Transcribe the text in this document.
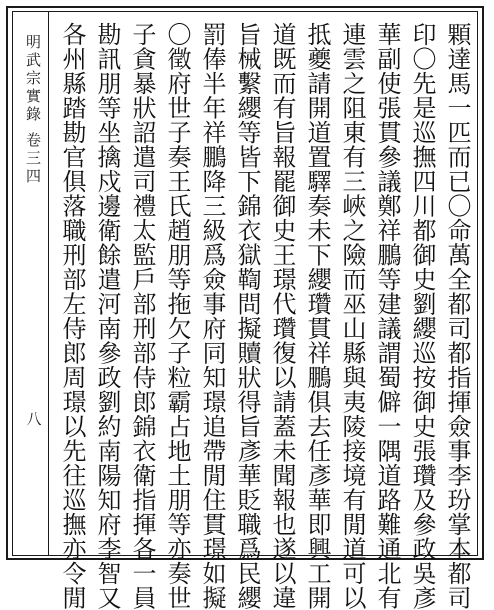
明武宗實錄 卷三四
八	顆達馬一匹而已〇命萬全都司都指揮僉事李玢掌本都司
印〇先是巡撫四川都御史劉纓巡按御史張瓚及參政吳彥
華副使張貫參議鄭祥鵬等建議謂蜀僻一隅道路難通北有
連雲之阻東有三峽之險而巫山縣與夷陵接境有閒道可以
抵夔請開道置驛奏未下纓瓚貫祥鵬俱去任彥華即興工開
道既而有旨報罷御史王璟代瓚復以請蓋未聞報也遂以違
旨械繫纓等皆下錦衣獄鞫問擬贖狀得旨彥華貶職爲民纓
罰俸半年祥鵬降三級爲僉事府同知璟追帶閒住貫璟如擬
〇徵府世子奏王氏趙朋等拖欠子粒霸占地土朋等亦奏世
子貪暴狀詔遣司禮太監戶部刑部侍郎錦衣衛指揮各一員
勘訊朋等坐擒戍邊衛餘遣河南參政劉約南陽知府李智又
各州縣踏勘官俱落職刑部左侍郎周璟以先往巡撫亦令閒
